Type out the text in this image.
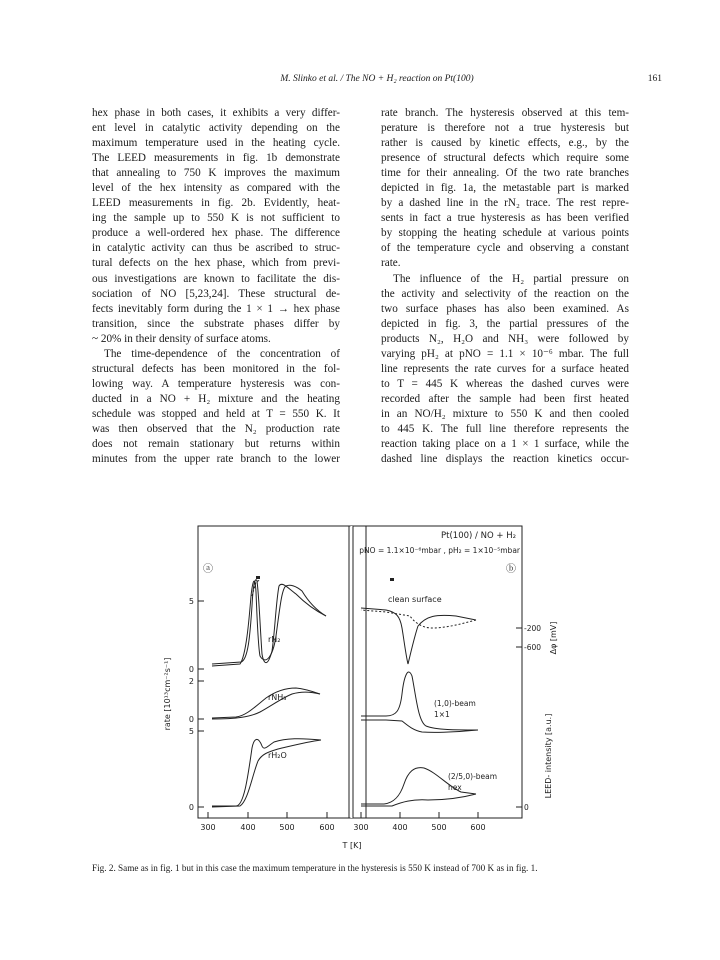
M. Slinko et al. / The NO + H₂ reaction on Pt(100)	161
hex phase in both cases, it exhibits a very differ-
ent level in catalytic activity depending on the
maximum temperature used in the heating cycle.
The LEED measurements in fig. 1b demonstrate
that annealing to 750 K improves the maximum
level of the hex intensity as compared with the
LEED measurements in fig. 2b. Evidently, heat-
ing the sample up to 550 K is not sufficient to
produce a well-ordered hex phase. The difference
in catalytic activity can thus be ascribed to struc-
tural defects on the hex phase, which from previ-
ous investigations are known to facilitate the dis-
sociation of NO [5,23,24]. These structural de-
fects inevitably form during the 1 × 1 → hex phase
transition, since the substrate phases differ by
~ 20% in their density of surface atoms.
The time-dependence of the concentration of
structural defects has been monitored in the fol-
lowing way. A temperature hysteresis was con-
ducted in a NO + H₂ mixture and the heating
schedule was stopped and held at T = 550 K. It
was then observed that the N₂ production rate
does not remain stationary but returns within
minutes from the upper rate branch to the lower
rate branch. The hysteresis observed at this tem-
perature is therefore not a true hysteresis but
rather is caused by kinetic effects, e.g., by the
presence of structural defects which require some
time for their annealing. Of the two rate branches
depicted in fig. 1a, the metastable part is marked
by a dashed line in the rN₂ trace. The rest repre-
sents in fact a true hysteresis as has been verified
by stopping the heating schedule at various points
of the temperature cycle and observing a constant
rate.
The influence of the H₂ partial pressure on
the activity and selectivity of the reaction on the
two surface phases has also been examined. As
depicted in fig. 3, the partial pressures of the
products N₂, H₂O and NH₃ were followed by
varying pH₂ at pNO = 1.1 × 10⁻⁶ mbar. The full
line represents the rate curves for a surface heated
to T = 445 K whereas the dashed curves were
recorded after the sample had been first heated
in an NO/H₂ mixture to 550 K and then cooled
to 445 K. The full line therefore represents the
reaction taking place on a 1 × 1 surface, while the
dashed line displays the reaction kinetics occur-
Pt(100) / NO + H₂
pNO = 1.1×10⁻⁶mbar , pH₂ = 1×10⁻⁵mbar
ⓐ	ⓑ
5
0
2
0
5
0
rate [10¹³cm⁻²s⁻¹]
-200
-600
0
Δφ [mV]
LEED- intensity [a.u.]
300	400	500	600 300	400	500	600
T [K]
rN₂
rNH₃
rH₂O
clean surface
(1,0)-beam
1×1
(2/5,0)-beam
hex
Fig. 2. Same as in fig. 1 but in this case the maximum temperature in the hysteresis is 550 K instead of 700 K as in fig. 1.
